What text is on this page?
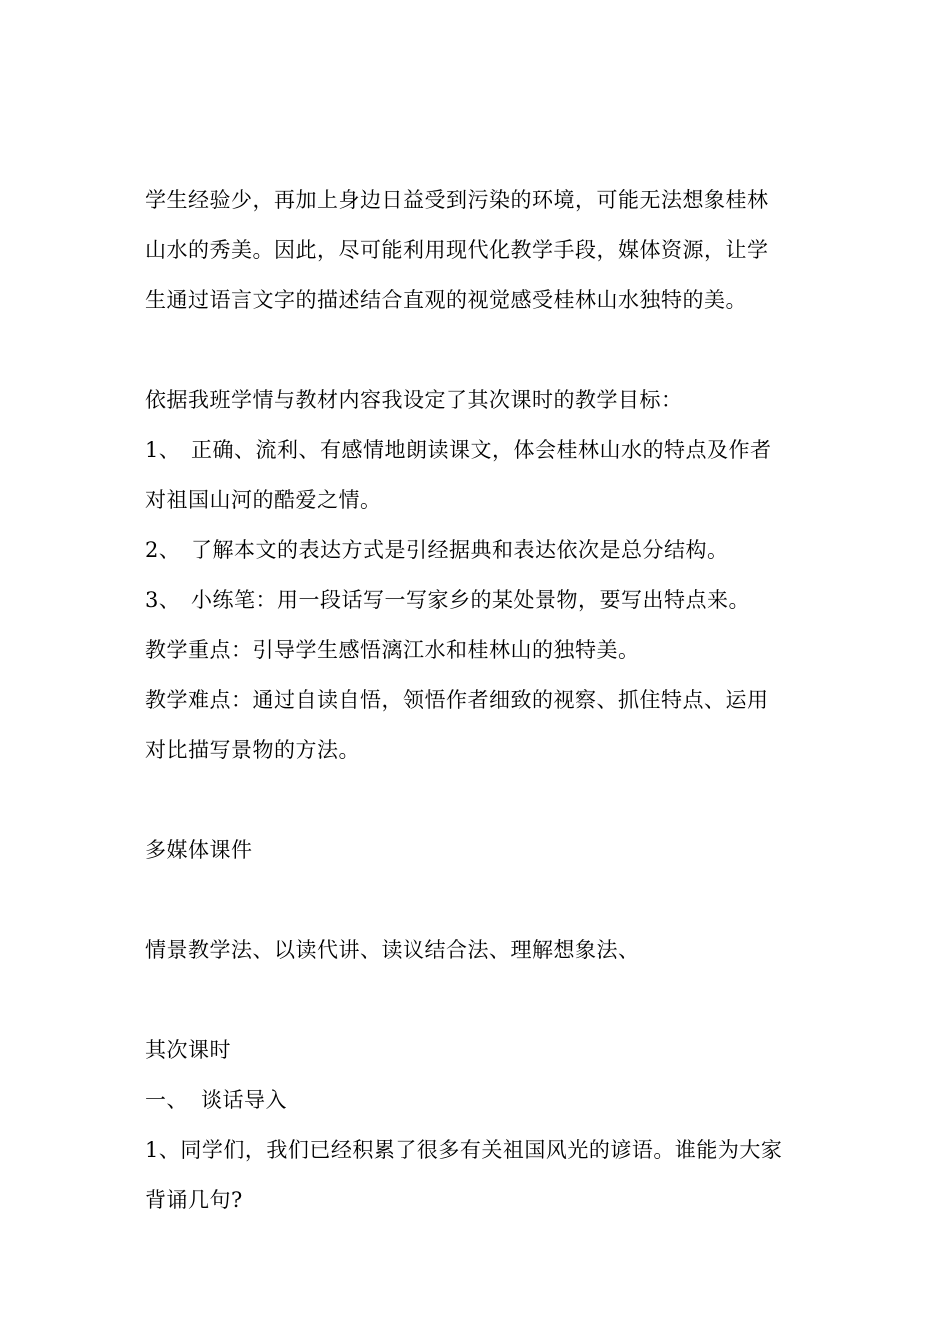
学生经验少，再加上身边日益受到污染的环境，可能无法想象桂林
山水的秀美。因此，尽可能利用现代化教学手段，媒体资源，让学
生通过语言文字的描述结合直观的视觉感受桂林山水独特的美。
依据我班学情与教材内容我设定了其次课时的教学目标：
1、 正确、流利、有感情地朗读课文，体会桂林山水的特点及作者
对祖国山河的酷爱之情。
2、 了解本文的表达方式是引经据典和表达依次是总分结构。
3、 小练笔：用一段话写一写家乡的某处景物，要写出特点来。
教学重点：引导学生感悟漓江水和桂林山的独特美。
教学难点：通过自读自悟，领悟作者细致的视察、抓住特点、运用
对比描写景物的方法。
多媒体课件
情景教学法、以读代讲、读议结合法、理解想象法、
其次课时
一、 谈话导入
1、同学们，我们已经积累了很多有关祖国风光的谚语。谁能为大家
背诵几句?
